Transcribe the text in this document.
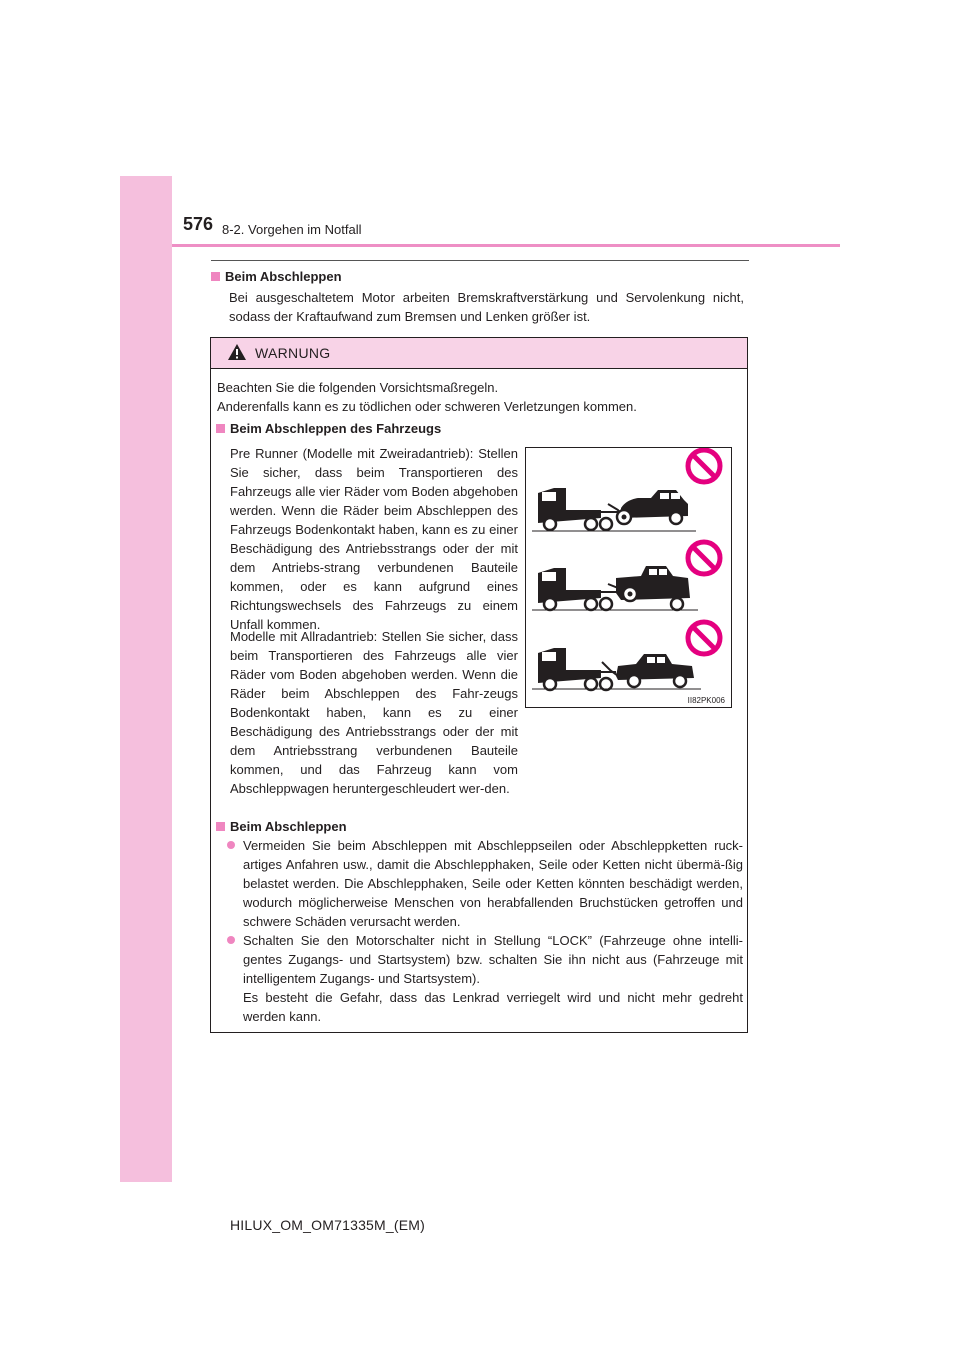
576 8-2. Vorgehen im Notfall
Beim Abschleppen
Bei ausgeschaltetem Motor arbeiten Bremskraftverstärkung und Servolenkung nicht, sodass der Kraftaufwand zum Bremsen und Lenken größer ist.
WARNUNG
Beachten Sie die folgenden Vorsichtsmaßregeln.
Anderenfalls kann es zu tödlichen oder schweren Verletzungen kommen.
Beim Abschleppen des Fahrzeugs
Pre Runner (Modelle mit Zweiradantrieb): Stellen Sie sicher, dass beim Transportieren des Fahrzeugs alle vier Räder vom Boden abgehoben werden. Wenn die Räder beim Abschleppen des Fahrzeugs Bodenkontakt haben, kann es zu einer Beschädigung des Antriebsstrangs oder der mit dem Antriebs-strang verbundenen Bauteile kommen, oder es kann aufgrund eines Richtungswechsels des Fahrzeugs zu einem Unfall kommen.
Modelle mit Allradantrieb: Stellen Sie sicher, dass beim Transportieren des Fahrzeugs alle vier Räder vom Boden abgehoben werden. Wenn die Räder beim Abschleppen des Fahr-zeugs Bodenkontakt haben, kann es zu einer Beschädigung des Antriebsstrangs oder der mit dem Antriebsstrang verbundenen Bauteile kommen, und das Fahrzeug kann vom Abschleppwagen heruntergeschleudert wer-den.
Beim Abschleppen
Vermeiden Sie beim Abschleppen mit Abschleppseilen oder Abschleppketten ruck-artiges Anfahren usw., damit die Abschlepphaken, Seile oder Ketten nicht übermä-ßig belastet werden. Die Abschlepphaken, Seile oder Ketten könnten beschädigt werden, wodurch möglicherweise Menschen von herabfallenden Bruchstücken getroffen und schwere Schäden verursacht werden.
Schalten Sie den Motorschalter nicht in Stellung “LOCK” (Fahrzeuge ohne intelli-gentes Zugangs- und Startsystem) bzw. schalten Sie ihn nicht aus (Fahrzeuge mit intelligentem Zugangs- und Startsystem).
Es besteht die Gefahr, dass das Lenkrad verriegelt wird und nicht mehr gedreht werden kann.
II82PK006
HILUX_OM_OM71335M_(EM)
